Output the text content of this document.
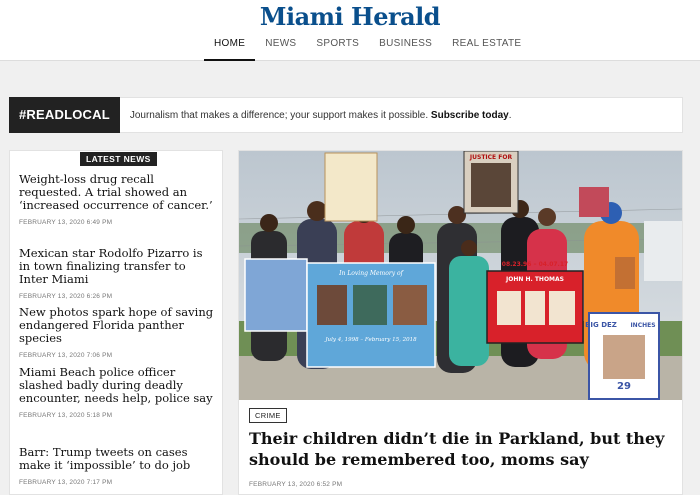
Miami Herald
HOME	NEWS	SPORTS	BUSINESS	REAL ESTATE
#READLOCAL	Journalism that makes a difference; your support makes it possible. Subscribe today.
LATEST NEWS
Weight-loss drug recall requested. A trial showed an ‘increased occurrence of cancer.’
FEBRUARY 13, 2020 6:49 PM
Mexican star Rodolfo Pizarro is in town finalizing transfer to Inter Miami
FEBRUARY 13, 2020 6:26 PM
New photos spark hope of saving endangered Florida panther species
FEBRUARY 13, 2020 7:06 PM
Miami Beach police officer slashed badly during deadly encounter, needs help, police say
FEBRUARY 13, 2020 5:18 PM
Barr: Trump tweets on cases make it ‘impossible’ to do job
FEBRUARY 13, 2020 7:17 PM
JUSTICE FOR
In Loving Memory of
July 4, 1998 – February 15, 2018
08.23.96 – 04.07.17
JOHN H. THOMAS
BIG DEZ INCHES
29
CRIME
Their children didn’t die in Parkland, but they should be remembered too, moms say
FEBRUARY 13, 2020 6:52 PM
